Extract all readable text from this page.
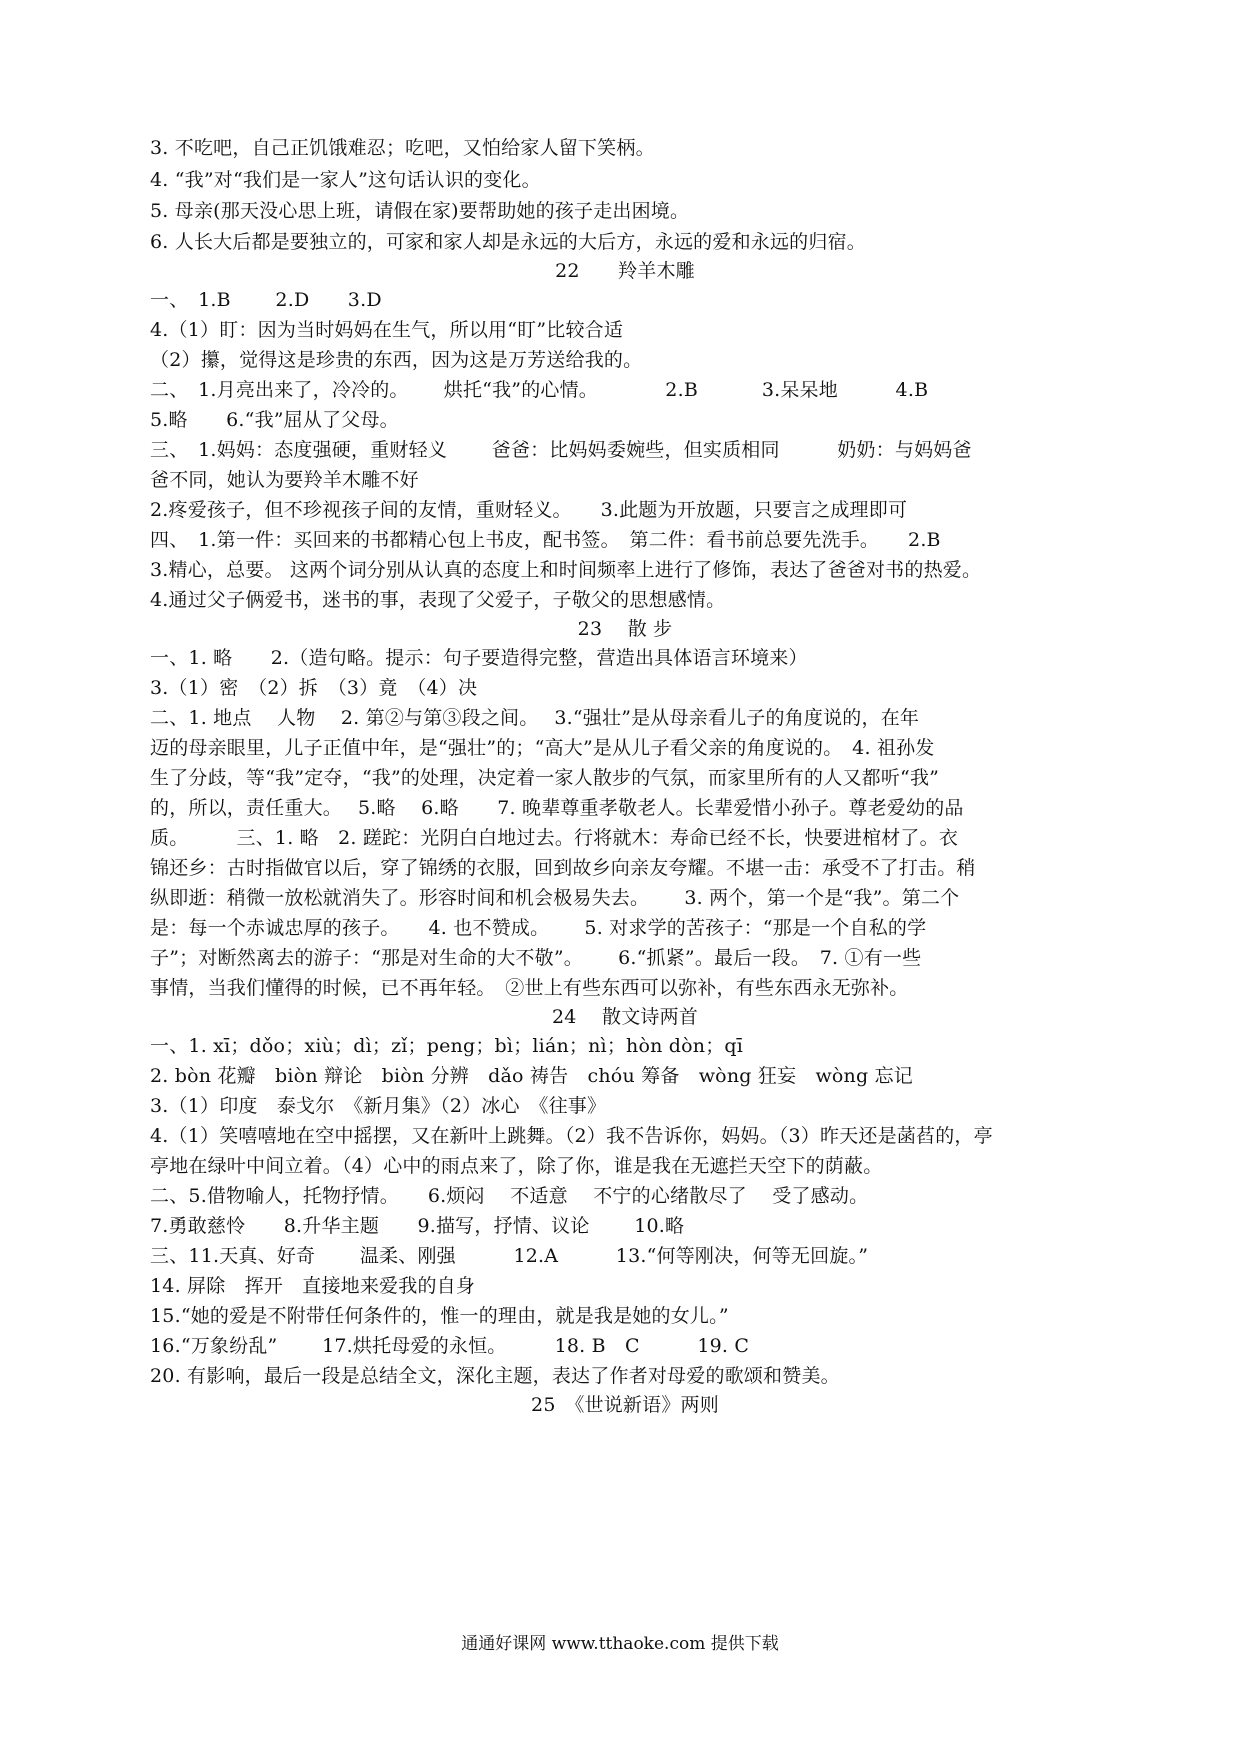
3. 不吃吧，自己正饥饿难忍；吃吧，又怕给家人留下笑柄。
4. “我”对“我们是一家人”这句话认识的变化。
5. 母亲(那天没心思上班，请假在家)要帮助她的孩子走出困境。
6. 人长大后都是要独立的，可家和家人却是永远的大后方，永远的爱和永远的归宿。
22　　羚羊木雕
一、　1.B　　 2.D　　3.D
4.（1）盯：因为当时妈妈在生气，所以用“盯”比较合适
（2）攥，觉得这是珍贵的东西，因为这是万芳送给我的。
二、　1.月亮出来了，冷冷的。　　 烘托“我”的心情。　　　　2.B　　　 3.呆呆地　　　4.B
5.略　　6.“我”屈从了父母。
三、　1.妈妈：态度强硬，重财轻义　　 爸爸：比妈妈委婉些，但实质相同　　　奶奶：与妈妈爸
爸不同，她认为要羚羊木雕不好
2.疼爱孩子，但不珍视孩子间的友情，重财轻义。　　3.此题为开放题，只要言之成理即可
四、　1.第一件：买回来的书都精心包上书皮，配书签。　第二件：看书前总要先洗手。　　2.B
3.精心，总要。 这两个词分别从认真的态度上和时间频率上进行了修饰，表达了爸爸对书的热爱。
4.通过父子俩爱书，迷书的事，表现了父爱子，子敬父的思想感情。
23　 散 步
一、1. 略　　2.（造句略。提示：句子要造得完整，营造出具体语言环境来）
3.（1）密　（2）拆　（3）竟　（4）决
二、1. 地点　 人物　 2. 第②与第③段之间。　 3.“强壮”是从母亲看儿子的角度说的，在年
迈的母亲眼里，儿子正值中年，是“强壮”的；“高大”是从儿子看父亲的角度说的。　4. 祖孙发
生了分歧，等“我”定夺，“我”的处理，决定着一家人散步的气氛，而家里所有的人又都听“我”
的，所以，责任重大。　 5.略　 6.略　　7. 晚辈尊重孝敬老人。长辈爱惜小孙子。尊老爱幼的品
质。　　　三、1. 略　2. 蹉跎：光阴白白地过去。行将就木：寿命已经不长，快要进棺材了。衣
锦还乡：古时指做官以后，穿了锦绣的衣服，回到故乡向亲友夸耀。不堪一击：承受不了打击。稍
纵即逝：稍微一放松就消失了。形容时间和机会极易失去。　　 3. 两个，第一个是“我”。第二个
是：每一个赤诚忠厚的孩子。　　4. 也不赞成。　　 5. 对求学的苦孩子：“那是一个自私的学
子”；对断然离去的游子：“那是对生命的大不敬”。　　 6.“抓紧”。最后一段。　7. ①有一些
事情，当我们懂得的时候，已不再年轻。　②世上有些东西可以弥补，有些东西永无弥补。
24　 散文诗两首
一、1. xī；dǒo；xiù；dì；zǐ；peng；bì；lián；nì；hòn dòn；qī
2. bòn 花瓣　biòn 辩论　biòn 分辨　dǎo 祷告　chóu 筹备　wòng 狂妄　wòng 忘记
3.（1）印度　泰戈尔　《新月集》（2）冰心　《往事》
4.（1）笑嘻嘻地在空中摇摆，又在新叶上跳舞。（2）我不告诉你，妈妈。（3）昨天还是菡萏的，亭
亭地在绿叶中间立着。（4）心中的雨点来了，除了你，谁是我在无遮拦天空下的荫蔽。
二、5.借物喻人，托物抒情。　　6.烦闷　 不适意　 不宁的心绪散尽了　 受了感动。
7.勇敢慈怜　　8.升华主题　　9.描写，抒情、议论　　 10.略
三、11.天真、好奇　　 温柔、刚强　　　12.A　　　13.“何等刚决，何等无回旋。”
14. 屏除　挥开　直接地来爱我的自身
15.“她的爱是不附带任何条件的，惟一的理由，就是我是她的女儿。”
16.“万象纷乱”　　 17.烘托母爱的永恒。　　　18. B　C　　　19. C
20. 有影响，最后一段是总结全文，深化主题，表达了作者对母爱的歌颂和赞美。
25　《世说新语》两则
通通好课网 www.tthaoke.com 提供下载
